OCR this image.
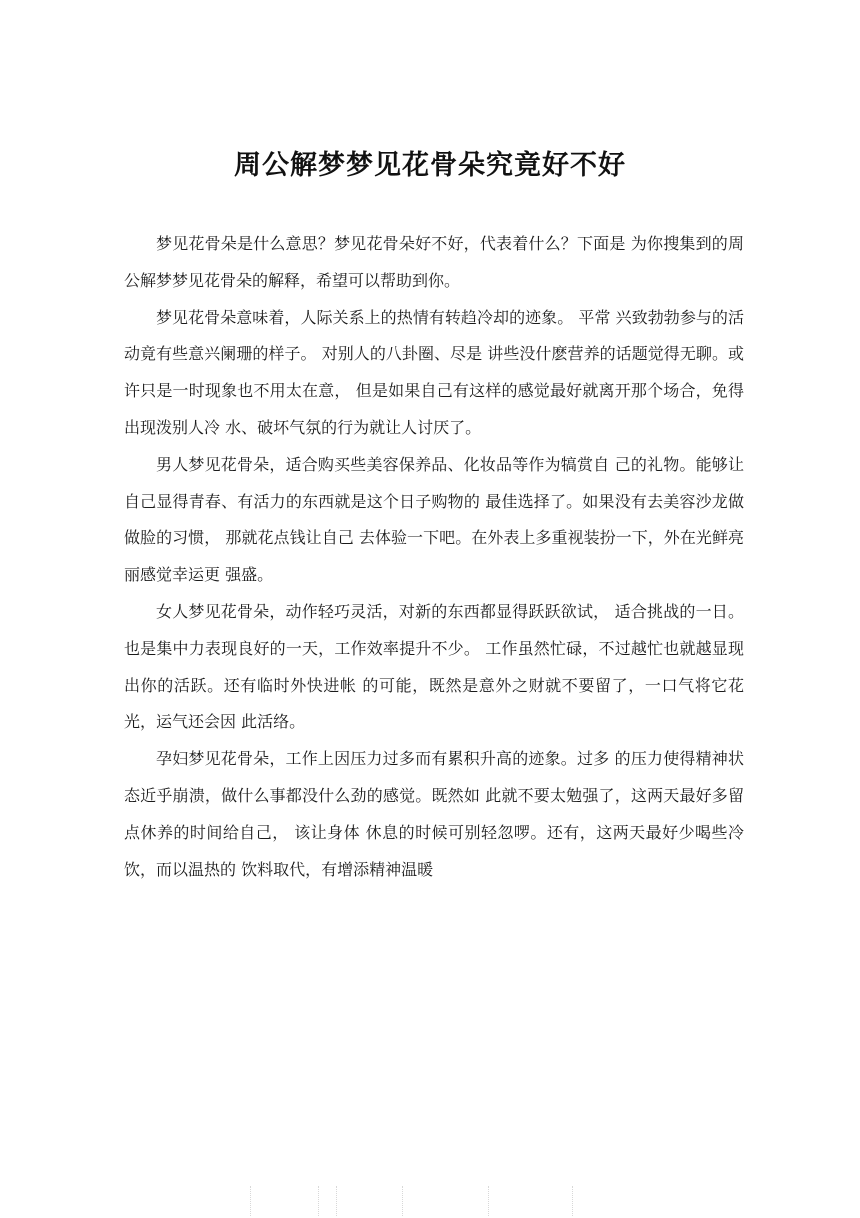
周公解梦梦见花骨朵究竟好不好

梦见花骨朵是什么意思？梦见花骨朵好不好，代表着什么？下面是 为你搜集到的周公解梦梦见花骨朵的解释，希望可以帮助到你。

梦见花骨朵意味着，人际关系上的热情有转趋冷却的迹象。 平常 兴致勃勃参与的活动竟有些意兴阑珊的样子。 对别人的八卦圈、尽是 讲些没什麽营养的话题觉得无聊。或许只是一时现象也不用太在意， 但是如果自己有这样的感觉最好就离开那个场合，免得出现泼别人冷 水、破坏气氛的行为就让人讨厌了。

男人梦见花骨朵，适合购买些美容保养品、化妆品等作为犒赏自 己的礼物。能够让自己显得青春、有活力的东西就是这个日子购物的 最佳选择了。如果没有去美容沙龙做做脸的习惯， 那就花点钱让自己 去体验一下吧。在外表上多重视装扮一下，外在光鲜亮丽感觉幸运更 强盛。

女人梦见花骨朵，动作轻巧灵活，对新的东西都显得跃跃欲试， 适合挑战的一日。也是集中力表现良好的一天，工作效率提升不少。 工作虽然忙碌，不过越忙也就越显现出你的活跃。还有临时外快进帐 的可能，既然是意外之财就不要留了，一口气将它花光，运气还会因 此活络。

孕妇梦见花骨朵，工作上因压力过多而有累积升高的迹象。过多 的压力使得精神状态近乎崩溃，做什么事都没什么劲的感觉。既然如 此就不要太勉强了，这两天最好多留点休养的时间给自己， 该让身体 休息的时候可别轻忽啰。还有，这两天最好少喝些冷饮，而以温热的 饮料取代，有增添精神温暖
